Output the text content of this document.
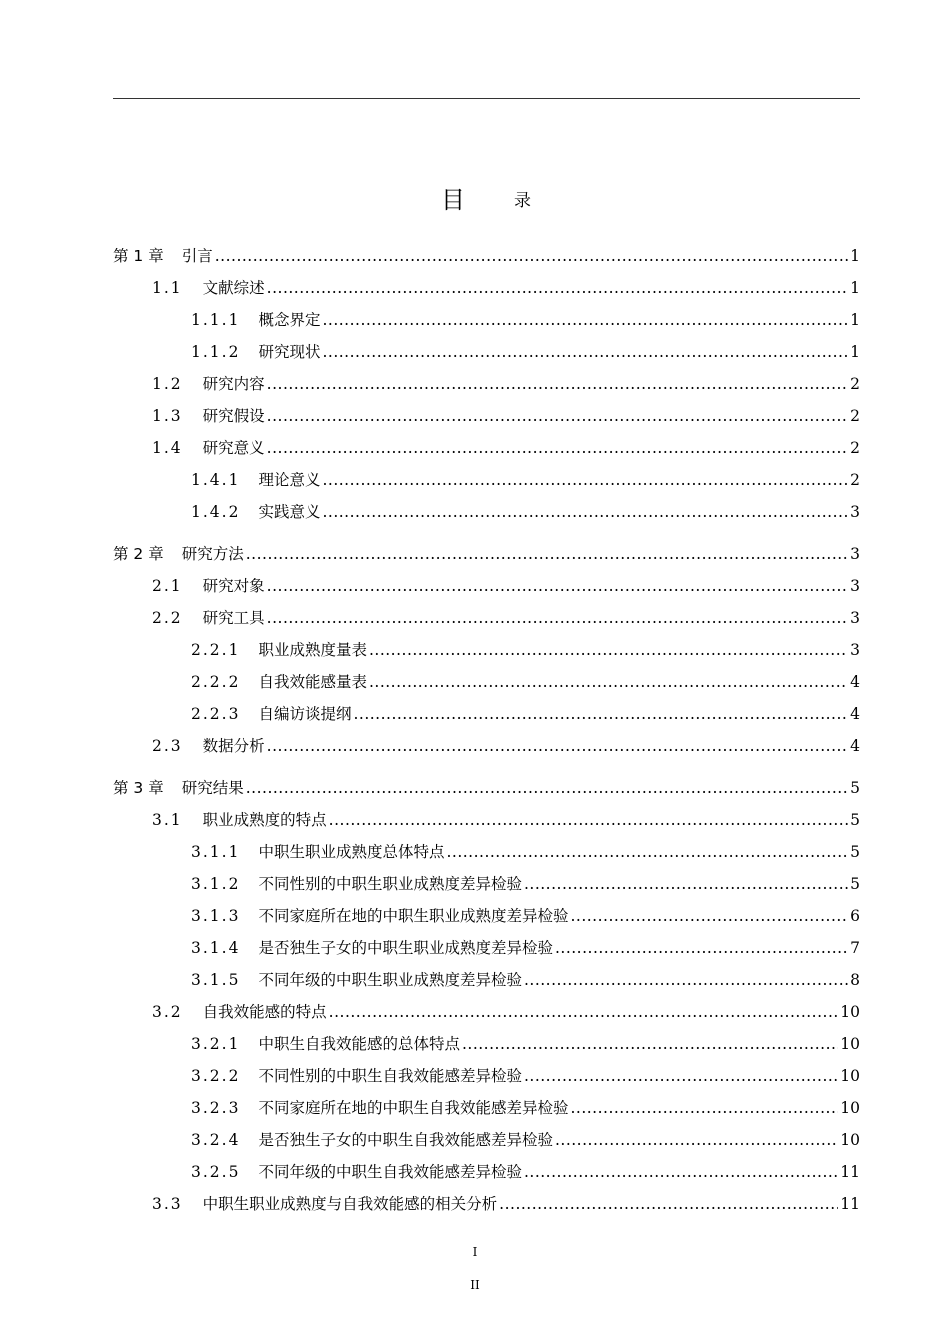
目	录
第 1 章 引言 .....	1
1.1 文献综述 .....	1
1.1.1 概念界定 .....	1
1.1.2 研究现状 .....	1
1.2 研究内容 .....	2
1.3 研究假设 .....	2
1.4 研究意义 .....	2
1.4.1 理论意义 .....	2
1.4.2 实践意义 .....	3
第 2 章 研究方法 .....	3
2.1 研究对象 .....	3
2.2 研究工具 .....	3
2.2.1 职业成熟度量表 .....	3
2.2.2 自我效能感量表 .....	4
2.2.3 自编访谈提纲 .....	4
2.3 数据分析 .....	4
第 3 章 研究结果 .....	5
3.1 职业成熟度的特点 .....	5
3.1.1 中职生职业成熟度总体特点 .....	5
3.1.2 不同性别的中职生职业成熟度差异检验 .....	5
3.1.3 不同家庭所在地的中职生职业成熟度差异检验 .....	6
3.1.4 是否独生子女的中职生职业成熟度差异检验 .....	7
3.1.5 不同年级的中职生职业成熟度差异检验 .....	8
3.2 自我效能感的特点 .....	10
3.2.1 中职生自我效能感的总体特点 .....	10
3.2.2 不同性别的中职生自我效能感差异检验 .....	10
3.2.3 不同家庭所在地的中职生自我效能感差异检验 .....	10
3.2.4 是否独生子女的中职生自我效能感差异检验 .....	10
3.2.5 不同年级的中职生自我效能感差异检验 .....	11
3.3 中职生职业成熟度与自我效能感的相关分析 .....	11
I
II
